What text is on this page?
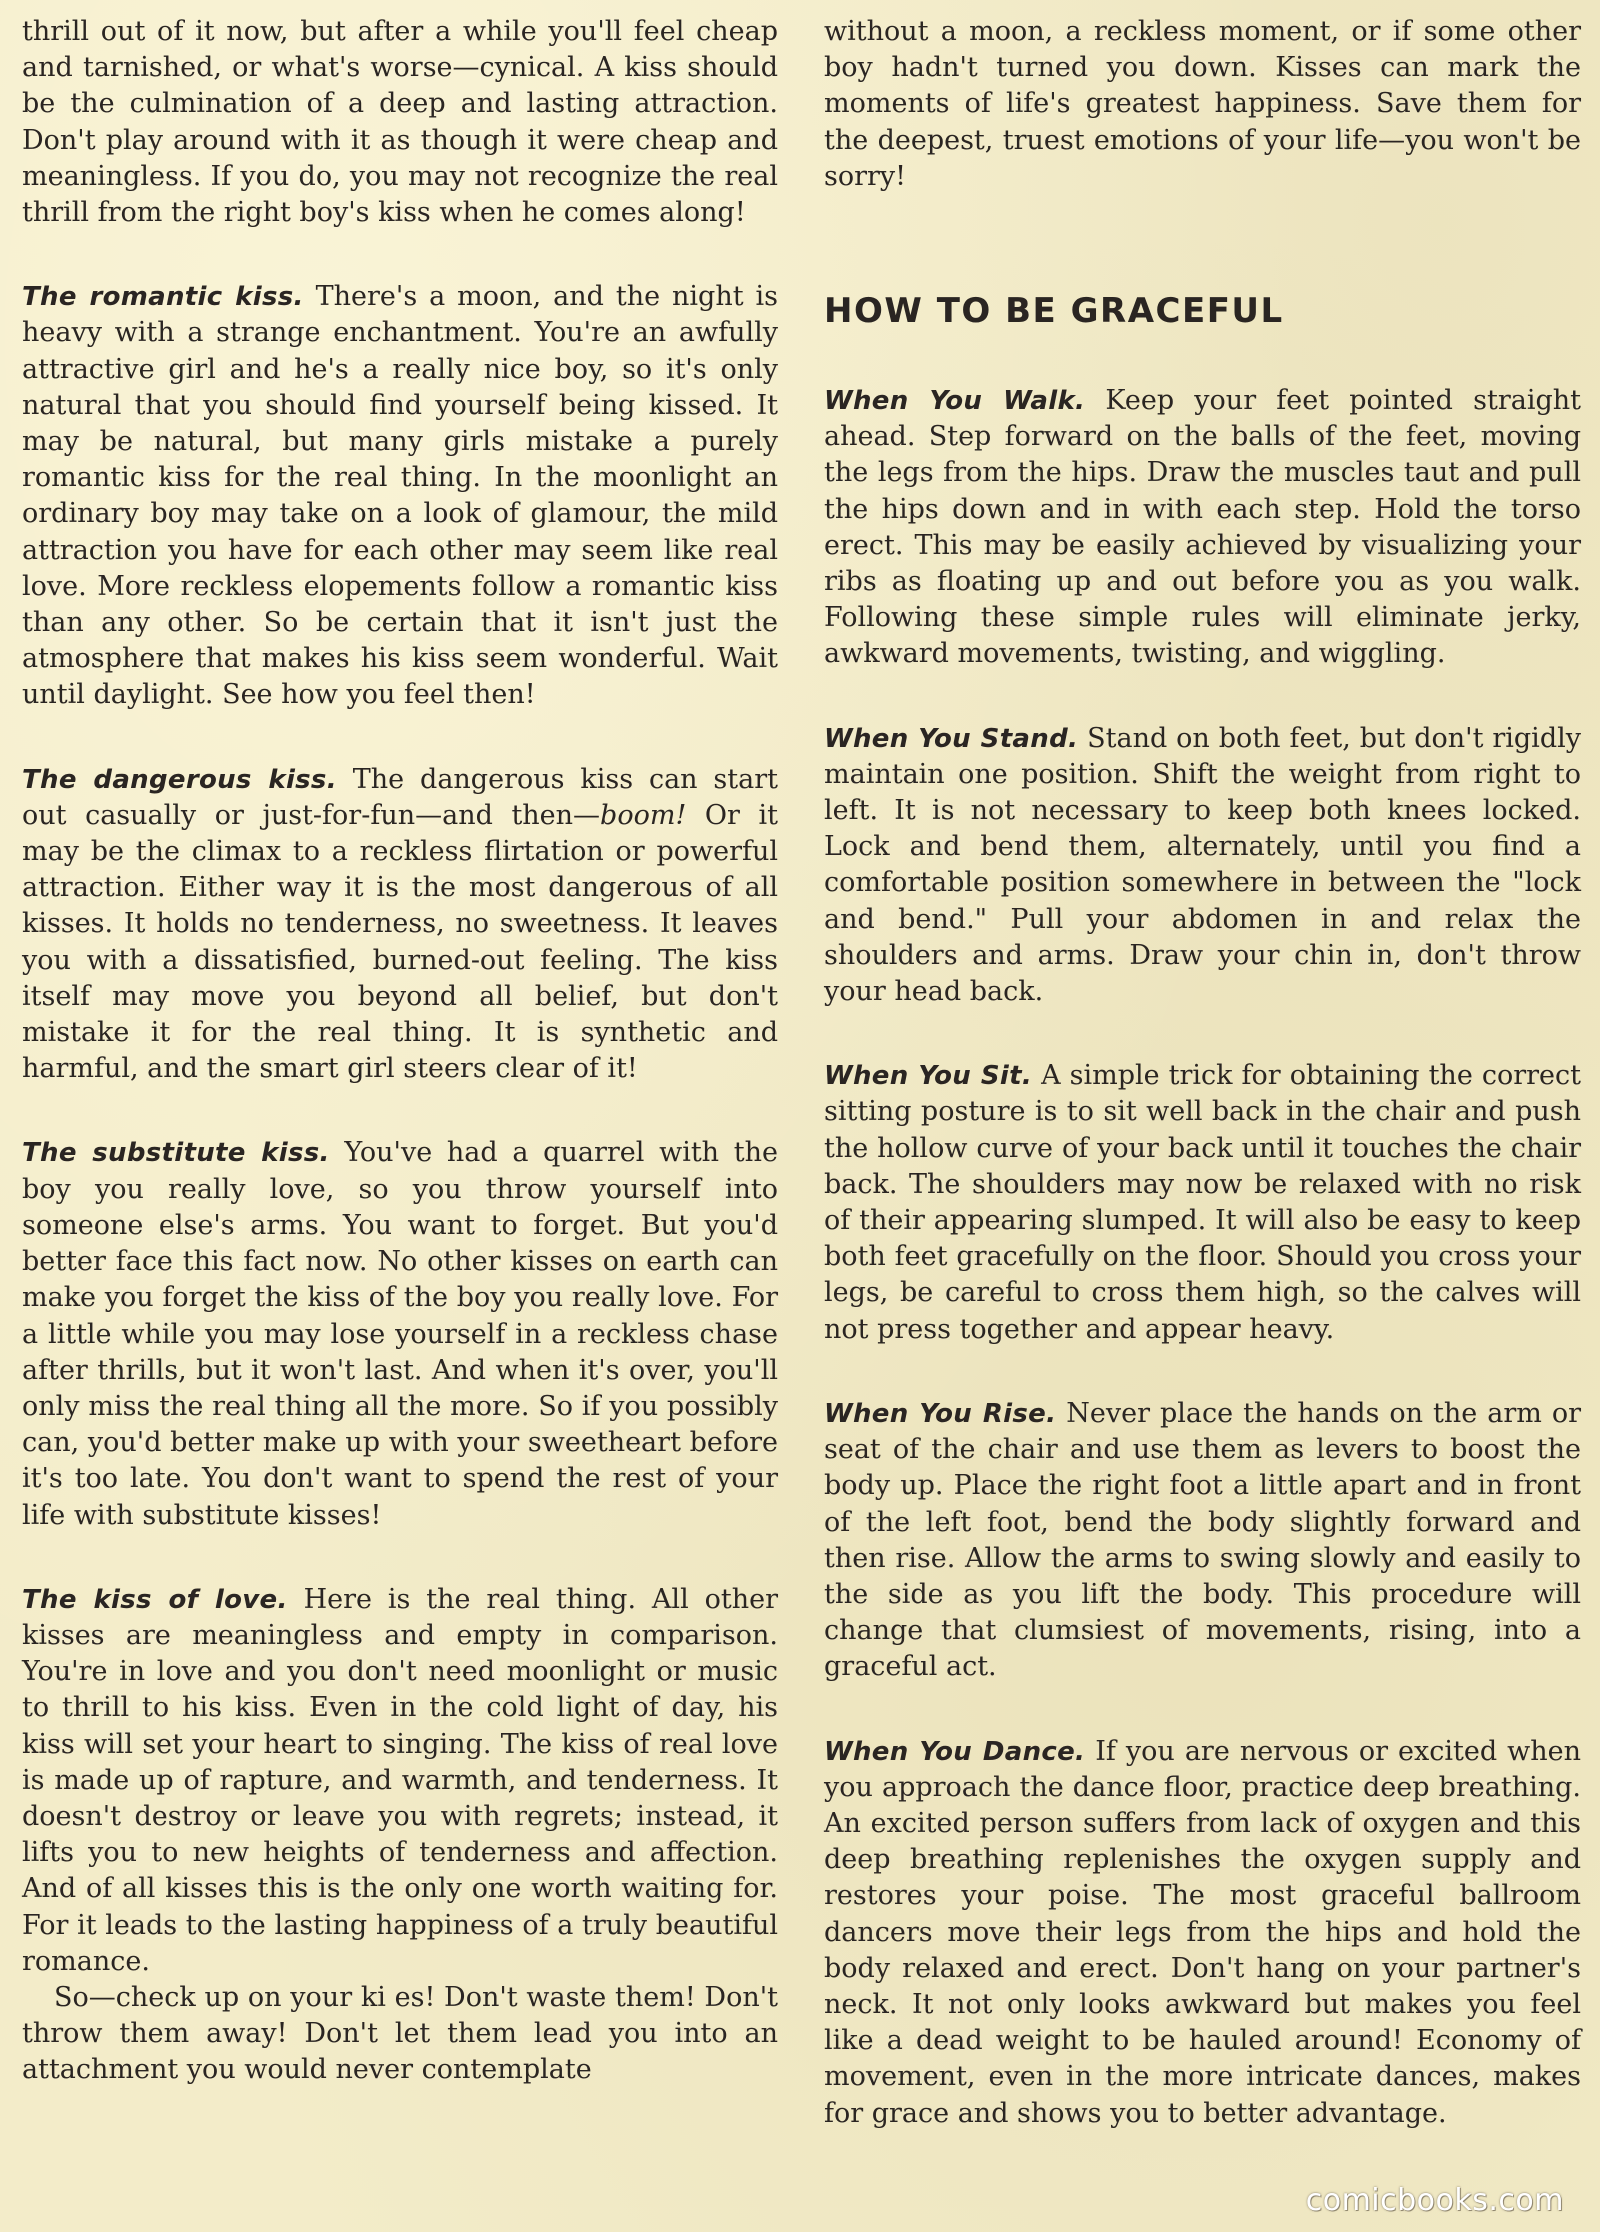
thrill out of it now, but after a while you'll feel cheap and tarnished, or what's worse—cynical. A kiss should be the culmination of a deep and lasting attraction. Don't play around with it as though it were cheap and meaningless. If you do, you may not recognize the real thrill from the right boy's kiss when he comes along!

The romantic kiss. There's a moon, and the night is heavy with a strange enchantment. You're an awfully attractive girl and he's a really nice boy, so it's only natural that you should find yourself being kissed. It may be natural, but many girls mistake a purely romantic kiss for the real thing. In the moonlight an ordinary boy may take on a look of glamour, the mild attraction you have for each other may seem like real love. More reckless elopements follow a romantic kiss than any other. So be certain that it isn't just the atmosphere that makes his kiss seem wonderful. Wait until daylight. See how you feel then!

The dangerous kiss. The dangerous kiss can start out casually or just-for-fun—and then—boom! Or it may be the climax to a reckless flirtation or powerful attraction. Either way it is the most dangerous of all kisses. It holds no tenderness, no sweetness. It leaves you with a dissatisfied, burned-out feeling. The kiss itself may move you beyond all belief, but don't mistake it for the real thing. It is synthetic and harmful, and the smart girl steers clear of it!

The substitute kiss. You've had a quarrel with the boy you really love, so you throw yourself into someone else's arms. You want to forget. But you'd better face this fact now. No other kisses on earth can make you forget the kiss of the boy you really love. For a little while you may lose yourself in a reckless chase after thrills, but it won't last. And when it's over, you'll only miss the real thing all the more. So if you possibly can, you'd better make up with your sweetheart before it's too late. You don't want to spend the rest of your life with substitute kisses!

The kiss of love. Here is the real thing. All other kisses are meaningless and empty in comparison. You're in love and you don't need moonlight or music to thrill to his kiss. Even in the cold light of day, his kiss will set your heart to singing. The kiss of real love is made up of rapture, and warmth, and tenderness. It doesn't destroy or leave you with regrets; instead, it lifts you to new heights of tenderness and affection. And of all kisses this is the only one worth waiting for. For it leads to the lasting happiness of a truly beautiful romance.

So—check up on your ki es! Don't waste them! Don't throw them away! Don't let them lead you into an attachment you would never contemplate

without a moon, a reckless moment, or if some other boy hadn't turned you down. Kisses can mark the moments of life's greatest happiness. Save them for the deepest, truest emotions of your life—you won't be sorry!

HOW TO BE GRACEFUL

When You Walk. Keep your feet pointed straight ahead. Step forward on the balls of the feet, moving the legs from the hips. Draw the muscles taut and pull the hips down and in with each step. Hold the torso erect. This may be easily achieved by visualizing your ribs as floating up and out before you as you walk. Following these simple rules will eliminate jerky, awkward movements, twisting, and wiggling.

When You Stand. Stand on both feet, but don't rigidly maintain one position. Shift the weight from right to left. It is not necessary to keep both knees locked. Lock and bend them, alternately, until you find a comfortable position somewhere in between the "lock and bend." Pull your abdomen in and relax the shoulders and arms. Draw your chin in, don't throw your head back.

When You Sit. A simple trick for obtaining the correct sitting posture is to sit well back in the chair and push the hollow curve of your back until it touches the chair back. The shoulders may now be relaxed with no risk of their appearing slumped. It will also be easy to keep both feet gracefully on the floor. Should you cross your legs, be careful to cross them high, so the calves will not press together and appear heavy.

When You Rise. Never place the hands on the arm or seat of the chair and use them as levers to boost the body up. Place the right foot a little apart and in front of the left foot, bend the body slightly forward and then rise. Allow the arms to swing slowly and easily to the side as you lift the body. This procedure will change that clumsiest of movements, rising, into a graceful act.

When You Dance. If you are nervous or excited when you approach the dance floor, practice deep breathing. An excited person suffers from lack of oxygen and this deep breathing replenishes the oxygen supply and restores your poise. The most graceful ballroom dancers move their legs from the hips and hold the body relaxed and erect. Don't hang on your partner's neck. It not only looks awkward but makes you feel like a dead weight to be hauled around! Economy of movement, even in the more intricate dances, makes for grace and shows you to better advantage.

comicbooks.com
